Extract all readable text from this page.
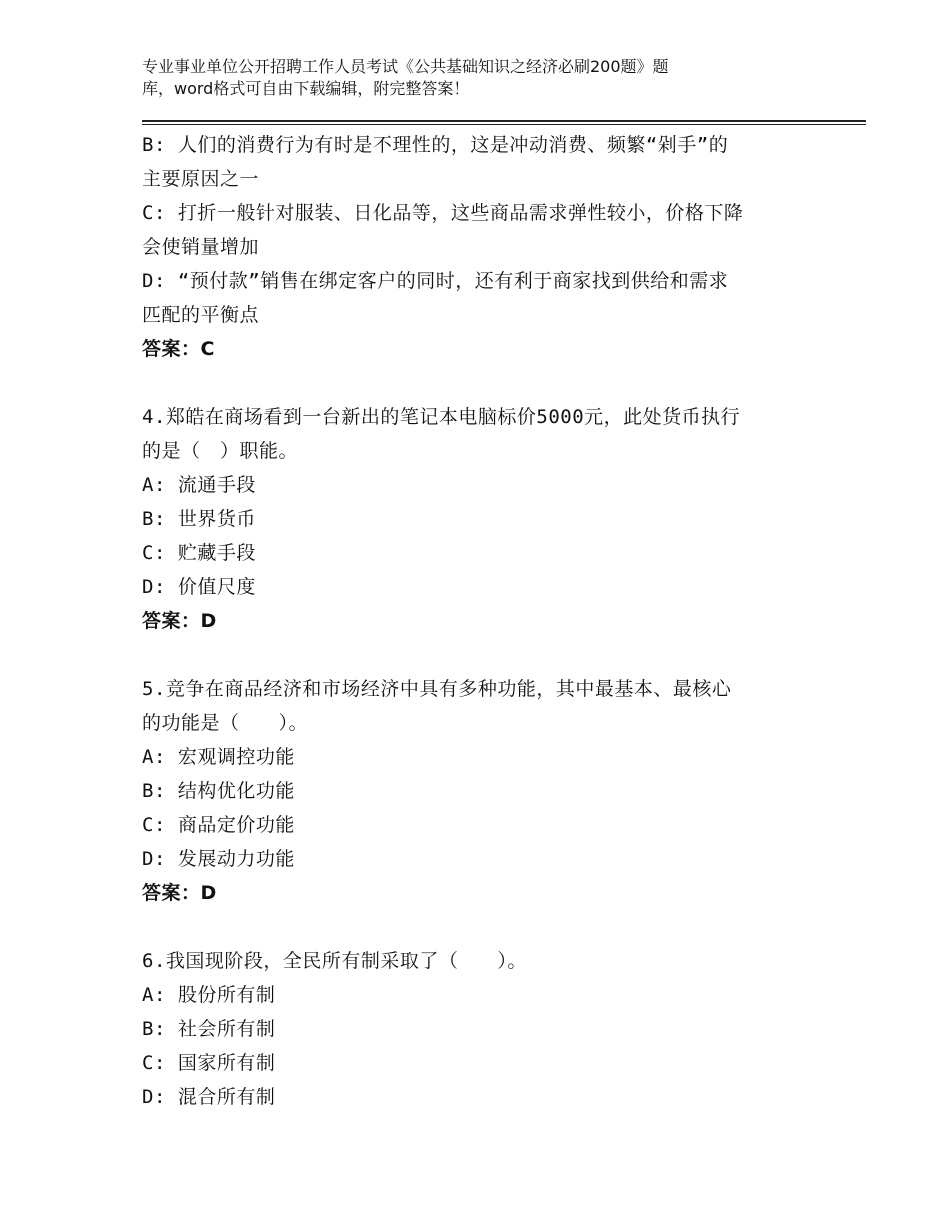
专业事业单位公开招聘工作人员考试《公共基础知识之经济必刷200题》题
库，word格式可自由下载编辑，附完整答案！
B: 人们的消费行为有时是不理性的，这是冲动消费、频繁“剁手”的
主要原因之一
C: 打折一般针对服装、日化品等，这些商品需求弹性较小，价格下降
会使销量增加
D: “预付款”销售在绑定客户的同时，还有利于商家找到供给和需求
匹配的平衡点
答案：C
4.郑皓在商场看到一台新出的笔记本电脑标价5000元，此处货币执行
的是（　）职能。
A: 流通手段
B: 世界货币
C: 贮藏手段
D: 价值尺度
答案：D
5.竞争在商品经济和市场经济中具有多种功能，其中最基本、最核心
的功能是（　　）。
A: 宏观调控功能
B: 结构优化功能
C: 商品定价功能
D: 发展动力功能
答案：D
6.我国现阶段，全民所有制采取了（　　）。
A: 股份所有制
B: 社会所有制
C: 国家所有制
D: 混合所有制
